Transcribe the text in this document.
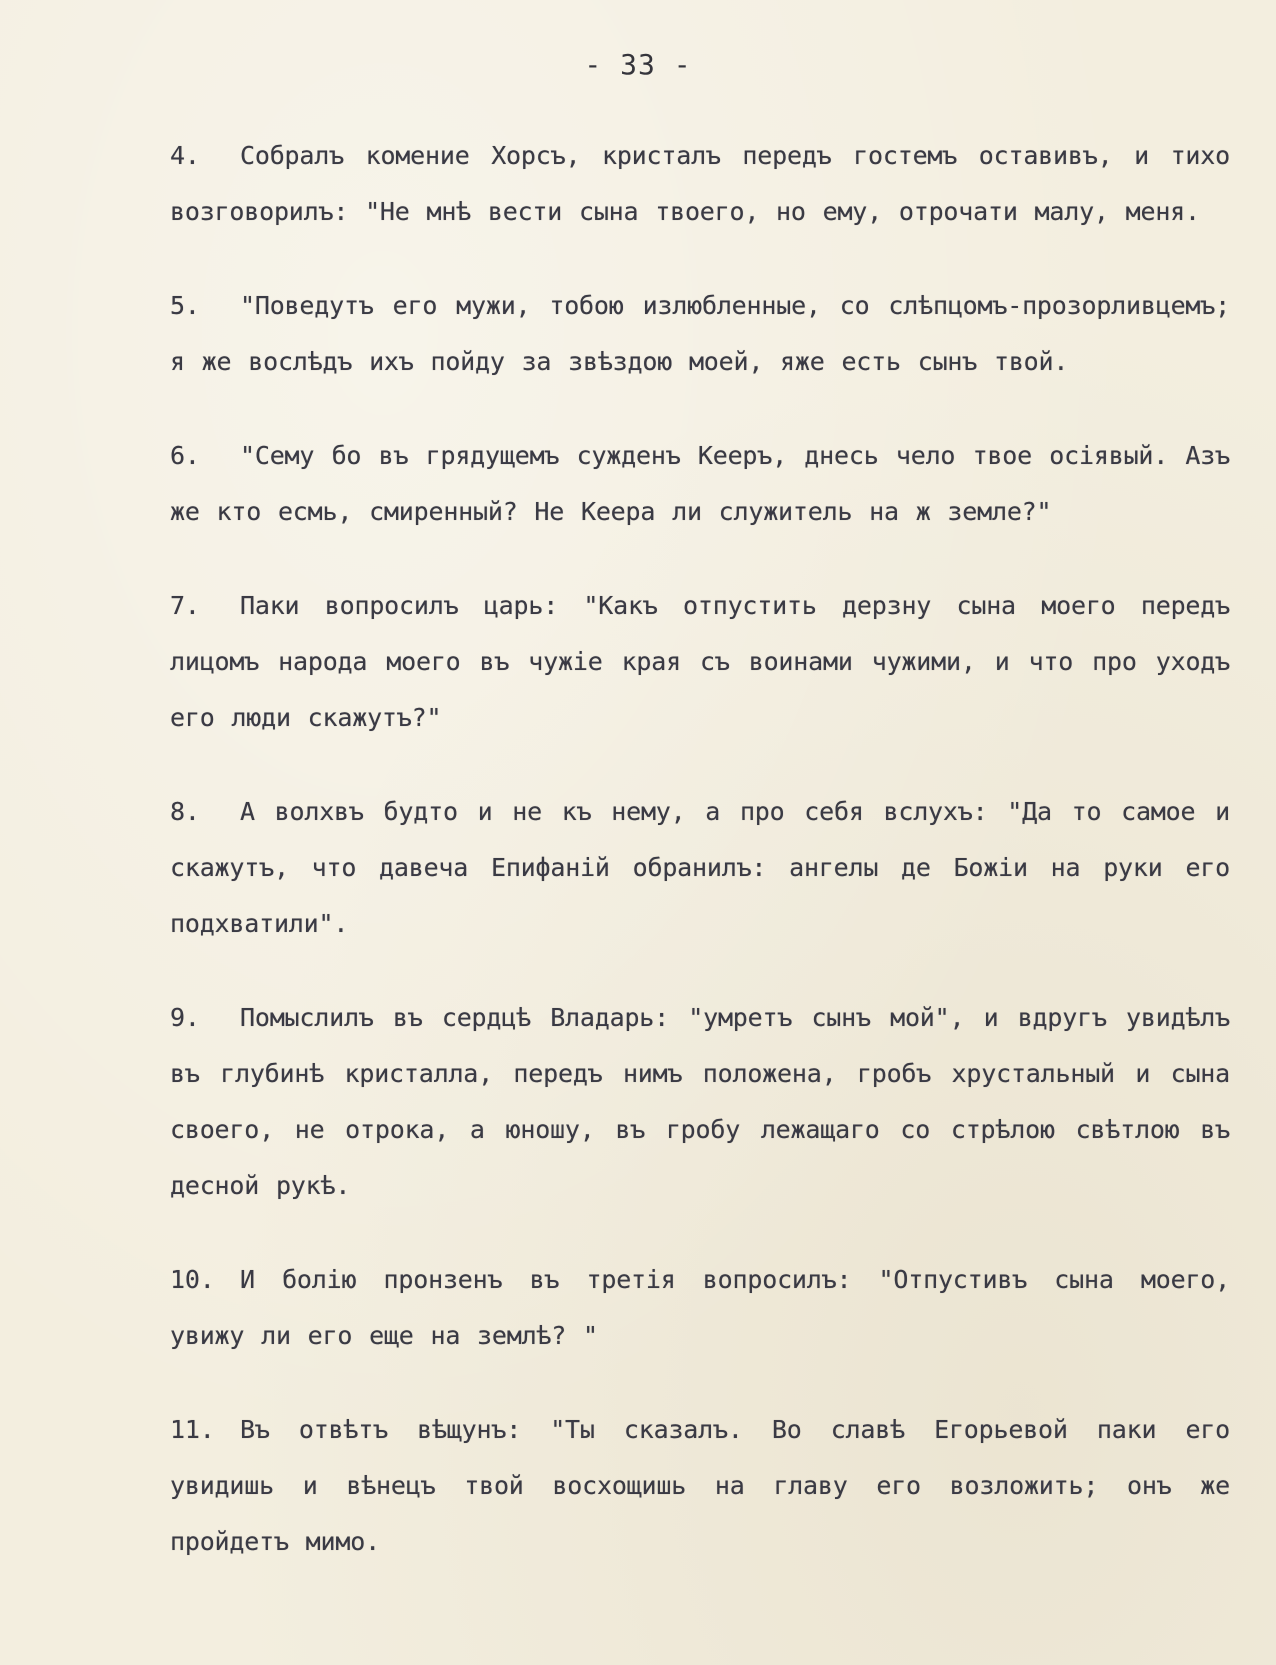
- 33 -

4. Собралъ комениe Хорсъ, кристалъ передъ гостемъ оставивъ, и тихо возговорилъ: "Не мнѣ вести сына твоего, но ему, отрочати малу, меня.

5. "Поведутъ его мужи, тобою излюбленные, со слѣпцомъ-прозорливцемъ; я же вослѣдъ ихъ пойду за звѣздою моей, яже есть сынъ твой.

6. "Сему бо въ грядущемъ сужденъ Кееръ, днесь чело твое осіявый. Азъ же кто есмь, смиренный? Не Кеера ли служитель на ж земле?"

7. Паки вопросилъ царь: "Какъ отпустить дерзну сына моего передъ лицомъ народа моего въ чужіе края съ воинами чужими, и что про уходъ его люди скажутъ?"

8. А волхвъ будто и не къ нему, а про себя вслухъ: "Да то самое и скажутъ, что давеча Епифаній обранилъ: ангелы де Божіи на руки его подхватили".

9. Помыслилъ въ сердцѣ Владарь: "умретъ сынъ мой", и вдругъ увидѣлъ въ глубинѣ кристалла, передъ нимъ положена, гробъ хрустальный и сына своего, не отрока, а юношу, въ гробу лежащаго со стрѣлою свѣтлою въ десной рукѣ.

10. И болію пронзенъ въ третія вопросилъ: "Отпустивъ сына моего, увижу ли его еще на землѣ? "

11. Въ отвѣтъ вѣщунъ: "Ты сказалъ. Во славѣ Егорьевой паки его увидишь и вѣнецъ твой восхощишь на главу его возложить; онъ же пройдетъ мимо.
